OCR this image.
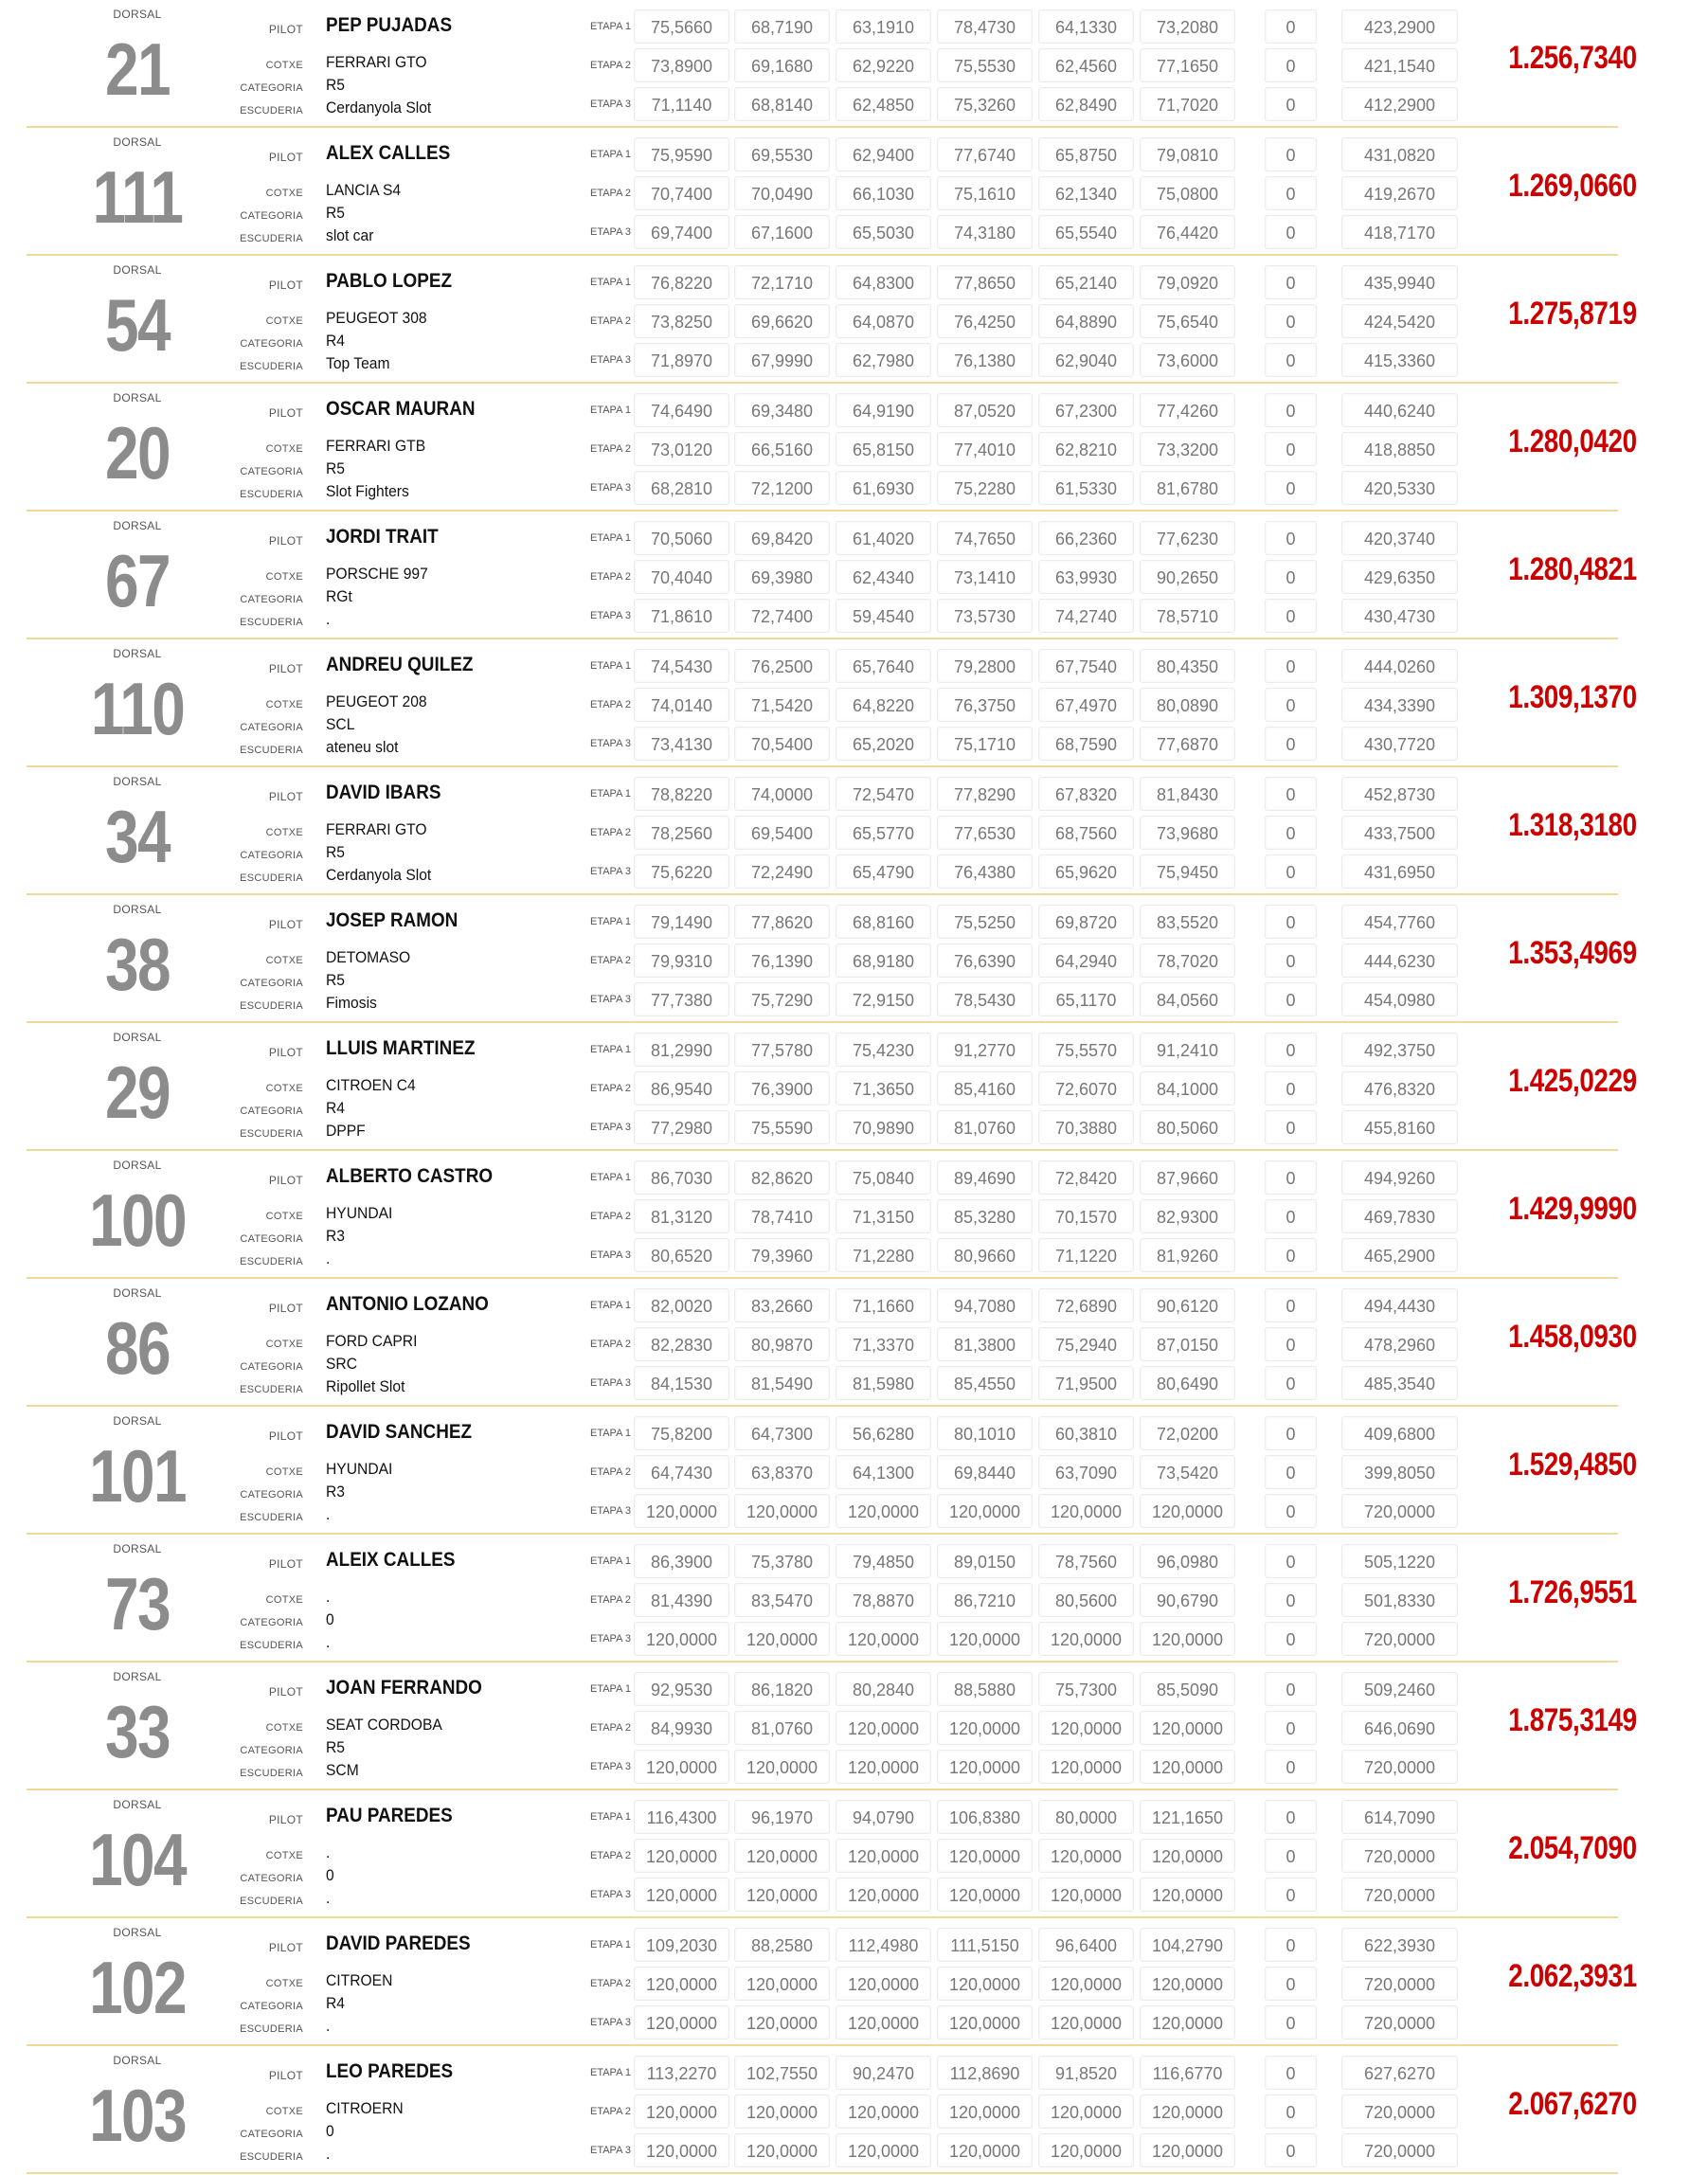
DORSAL
21	PILOT PEP PUJADAS
COTXE FERRARI GTO
CATEGORIA R5
ESCUDERIA Cerdanyola Slot
ETAPA 1	75,5660	68,7190	63,1910	78,4730	64,1330	73,2080	0	423,2900
ETAPA 2	73,8900	69,1680	62,9220	75,5530	62,4560	77,1650	0	421,1540
ETAPA 3	71,1140	68,8140	62,4850	75,3260	62,8490	71,7020	0	412,2900
1.256,7340
DORSAL
111	PILOT ALEX CALLES
COTXE LANCIA S4
CATEGORIA R5
ESCUDERIA slot car
ETAPA 1	75,9590	69,5530	62,9400	77,6740	65,8750	79,0810	0	431,0820
ETAPA 2	70,7400	70,0490	66,1030	75,1610	62,1340	75,0800	0	419,2670
ETAPA 3	69,7400	67,1600	65,5030	74,3180	65,5540	76,4420	0	418,7170
1.269,0660
DORSAL
54	PILOT PABLO LOPEZ
COTXE PEUGEOT 308
CATEGORIA R4
ESCUDERIA Top Team
ETAPA 1	76,8220	72,1710	64,8300	77,8650	65,2140	79,0920	0	435,9940
ETAPA 2	73,8250	69,6620	64,0870	76,4250	64,8890	75,6540	0	424,5420
ETAPA 3	71,8970	67,9990	62,7980	76,1380	62,9040	73,6000	0	415,3360
1.275,8719
DORSAL
20	PILOT OSCAR MAURAN
COTXE FERRARI GTB
CATEGORIA R5
ESCUDERIA Slot Fighters
ETAPA 1	74,6490	69,3480	64,9190	87,0520	67,2300	77,4260	0	440,6240
ETAPA 2	73,0120	66,5160	65,8150	77,4010	62,8210	73,3200	0	418,8850
ETAPA 3	68,2810	72,1200	61,6930	75,2280	61,5330	81,6780	0	420,5330
1.280,0420
DORSAL
67	PILOT JORDI TRAIT
COTXE PORSCHE 997
CATEGORIA RGt
ESCUDERIA .
ETAPA 1	70,5060	69,8420	61,4020	74,7650	66,2360	77,6230	0	420,3740
ETAPA 2	70,4040	69,3980	62,4340	73,1410	63,9930	90,2650	0	429,6350
ETAPA 3	71,8610	72,7400	59,4540	73,5730	74,2740	78,5710	0	430,4730
1.280,4821
DORSAL
110	PILOT ANDREU QUILEZ
COTXE PEUGEOT 208
CATEGORIA SCL
ESCUDERIA ateneu slot
ETAPA 1	74,5430	76,2500	65,7640	79,2800	67,7540	80,4350	0	444,0260
ETAPA 2	74,0140	71,5420	64,8220	76,3750	67,4970	80,0890	0	434,3390
ETAPA 3	73,4130	70,5400	65,2020	75,1710	68,7590	77,6870	0	430,7720
1.309,1370
DORSAL
34	PILOT DAVID IBARS
COTXE FERRARI GTO
CATEGORIA R5
ESCUDERIA Cerdanyola Slot
ETAPA 1	78,8220	74,0000	72,5470	77,8290	67,8320	81,8430	0	452,8730
ETAPA 2	78,2560	69,5400	65,5770	77,6530	68,7560	73,9680	0	433,7500
ETAPA 3	75,6220	72,2490	65,4790	76,4380	65,9620	75,9450	0	431,6950
1.318,3180
DORSAL
38	PILOT JOSEP RAMON
COTXE DETOMASO
CATEGORIA R5
ESCUDERIA Fimosis
ETAPA 1	79,1490	77,8620	68,8160	75,5250	69,8720	83,5520	0	454,7760
ETAPA 2	79,9310	76,1390	68,9180	76,6390	64,2940	78,7020	0	444,6230
ETAPA 3	77,7380	75,7290	72,9150	78,5430	65,1170	84,0560	0	454,0980
1.353,4969
DORSAL
29	PILOT LLUIS MARTINEZ
COTXE CITROEN C4
CATEGORIA R4
ESCUDERIA DPPF
ETAPA 1	81,2990	77,5780	75,4230	91,2770	75,5570	91,2410	0	492,3750
ETAPA 2	86,9540	76,3900	71,3650	85,4160	72,6070	84,1000	0	476,8320
ETAPA 3	77,2980	75,5590	70,9890	81,0760	70,3880	80,5060	0	455,8160
1.425,0229
DORSAL
100	PILOT ALBERTO CASTRO
COTXE HYUNDAI
CATEGORIA R3
ESCUDERIA .
ETAPA 1	86,7030	82,8620	75,0840	89,4690	72,8420	87,9660	0	494,9260
ETAPA 2	81,3120	78,7410	71,3150	85,3280	70,1570	82,9300	0	469,7830
ETAPA 3	80,6520	79,3960	71,2280	80,9660	71,1220	81,9260	0	465,2900
1.429,9990
DORSAL
86	PILOT ANTONIO LOZANO
COTXE FORD CAPRI
CATEGORIA SRC
ESCUDERIA Ripollet Slot
ETAPA 1	82,0020	83,2660	71,1660	94,7080	72,6890	90,6120	0	494,4430
ETAPA 2	82,2830	80,9870	71,3370	81,3800	75,2940	87,0150	0	478,2960
ETAPA 3	84,1530	81,5490	81,5980	85,4550	71,9500	80,6490	0	485,3540
1.458,0930
DORSAL
101	PILOT DAVID SANCHEZ
COTXE HYUNDAI
CATEGORIA R3
ESCUDERIA .
ETAPA 1	75,8200	64,7300	56,6280	80,1010	60,3810	72,0200	0	409,6800
ETAPA 2	64,7430	63,8370	64,1300	69,8440	63,7090	73,5420	0	399,8050
ETAPA 3 120,0000	120,0000	120,0000	120,0000	120,0000	120,0000	0	720,0000
1.529,4850
DORSAL
73	PILOT ALEIX CALLES
COTXE .
CATEGORIA 0
ESCUDERIA .
ETAPA 1	86,3900	75,3780	79,4850	89,0150	78,7560	96,0980	0	505,1220
ETAPA 2	81,4390	83,5470	78,8870	86,7210	80,5600	90,6790	0	501,8330
ETAPA 3 120,0000	120,0000	120,0000	120,0000	120,0000	120,0000	0	720,0000
1.726,9551
DORSAL
33	PILOT JOAN FERRANDO
COTXE SEAT CORDOBA
CATEGORIA R5
ESCUDERIA SCM
ETAPA 1	92,9530	86,1820	80,2840	88,5880	75,7300	85,5090	0	509,2460
ETAPA 2	84,9930	81,0760	120,0000	120,0000	120,0000	120,0000	0	646,0690
ETAPA 3 120,0000	120,0000	120,0000	120,0000	120,0000	120,0000	0	720,0000
1.875,3149
DORSAL
104	PILOT PAU PAREDES
COTXE .
CATEGORIA 0
ESCUDERIA .
ETAPA 1 116,4300	96,1970	94,0790	106,8380	80,0000	121,1650	0	614,7090
ETAPA 2 120,0000	120,0000	120,0000	120,0000	120,0000	120,0000	0	720,0000
ETAPA 3 120,0000	120,0000	120,0000	120,0000	120,0000	120,0000	0	720,0000
2.054,7090
DORSAL
102	PILOT DAVID PAREDES
COTXE CITROEN
CATEGORIA R4
ESCUDERIA .
ETAPA 1 109,2030	88,2580	112,4980	111,5150	96,6400	104,2790	0	622,3930
ETAPA 2 120,0000	120,0000	120,0000	120,0000	120,0000	120,0000	0	720,0000
ETAPA 3 120,0000	120,0000	120,0000	120,0000	120,0000	120,0000	0	720,0000
2.062,3931
DORSAL
103	PILOT LEO PAREDES
COTXE CITROERN
CATEGORIA 0
ESCUDERIA .
ETAPA 1 113,2270	102,7550	90,2470	112,8690	91,8520	116,6770	0	627,6270
ETAPA 2 120,0000	120,0000	120,0000	120,0000	120,0000	120,0000	0	720,0000
ETAPA 3 120,0000	120,0000	120,0000	120,0000	120,0000	120,0000	0	720,0000
2.067,6270
